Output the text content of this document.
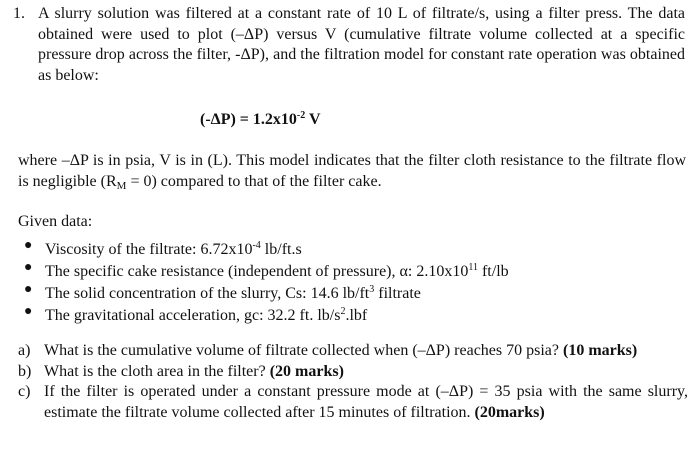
1. A slurry solution was filtered at a constant rate of 10 L of filtrate/s, using a filter press. The data obtained were used to plot (–ΔP) versus V (cumulative filtrate volume collected at a specific pressure drop across the filter, -ΔP), and the filtration model for constant rate operation was obtained as below:
$(-\Delta P) = 1.2x10^{-2}$ V
where –ΔP is in psia, V is in (L). This model indicates that the filter cloth resistance to the filtrate flow is negligible $(R_M = 0)$ compared to that of the filter cake.
Given data:
● Viscosity of the filtrate: $6.72x10^{-4}$ lb/ft.s
● The specific cake resistance (independent of pressure), α: $2.10x10^{11}$ ft/lb
● The solid concentration of the slurry, Cs: 14.6 $lb/ft^3$ filtrate
● The gravitational acceleration, gc: 32.2 ft. $lb/s^2.lbf$
a) What is the cumulative volume of filtrate collected when (–ΔP) reaches 70 psia? (10 marks)
b) What is the cloth area in the filter? (20 marks)
c) If the filter is operated under a constant pressure mode at (–ΔP) = 35 psia with the same slurry, estimate the filtrate volume collected after 15 minutes of filtration. (20marks)
